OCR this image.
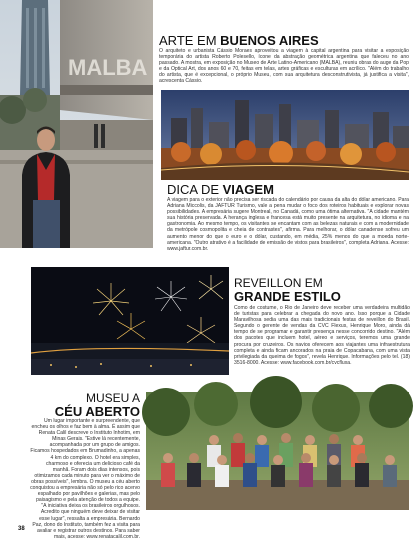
MALBA
ARTE EM BUENOS AIRES
O arquiteto e urbanista Cássio Moraes aproveitou a viagem à capital argentina para visitar a exposição temporária do artista Roberto Polesello, ícone da abstração geométrica argentina que faleceu no ano passado. A mostra, em exposição no Museo de Arte Latino-Americano (MALBA), reuniu obras do auge da Pop e da Optical Art, dos anos 60 e 70, feitas em telas, artes gráficas e esculturas em acrílico. "Além do trabalho do artista, que é excepcional, o próprio Museu, com sua arquitetura desconstrutivista, já justifica a visita", acrescenta Cássio.
DICA DE VIAGEM
A viagem para o exterior não precisa ser riscada do calendário por causa da alta do dólar americano. Para Adriana Miccolis, da JAFTUR Turismo, vale a pena mudar o foco dos roteiros habituais e explorar novas possibilidades. A empresária sugere Montreal, no Canadá, como uma ótima alternativa. "A cidade mantém sua história preservada. A herança inglesa e francesa está muito presente na arquitetura, no idioma e na gastronomia. Ao mesmo tempo, os visitantes se encantam com as belezas naturais e com a modernidade da metrópole cosmopolita e cheia de contrastes", afirma. Para melhorar, o dólar canadense sofreu um aumento menor do que o euro e o dólar, custando, em média, 25% menos do que a moeda norte-americana. "Outro atrativo é a facilidade de emissão de vistos para brasileiros", completa Adriana. Acesse: www.jaftur.com.br.
REVEILLON EM
GRANDE ESTILO
Como de costume, o Rio de Janeiro deve receber uma verdadeira multidão de turistas para celebrar a chegada do novo ano. Isso porque a Cidade Maravilhosa sedia uma das mais tradicionais festas de reveillon do Brasil. Segundo o gerente de vendas da CVC Flexus, Henrique Moro, ainda dá tempo de se programar e garantir presença nesse concorrido destino. "Além dos pacotes que incluem hotel, aéreo e serviços, teremos uma grande procura por cruzeiros. Os navios oferecem aos viajantes uma infraestrutura completa e ainda ficam ancorados na praia de Copacabana, com uma vista privilegiada da queima de fogos", revela Henrique. Informações pelo tel. (18) 3516-8000. Acesse: www.facebook.com.br/cvcfluxa.
MUSEU A
CÉU ABERTO
Um lugar importante e surpreendente, que encheu os olhos e faz bem à alma. É assim que Renata Calil descreve o Instituto Inhotim, em Minas Gerais. "Estive lá recentemente, acompanhada por um grupo de amigos. Ficamos hospedados em Brumadinho, a apenas 4 km do complexo. O hotel era simples, charmoso e oferecia um delicioso café da manhã. Foram dois dias intensos, pois otimizamos cada minuto para ver o máximo de obras possíveis", lembra. O museu a céu aberto conquistou a empresária não só pelo rico acervo espalhado por pavilhões e galerias, mas pelo paisagismo e pela atenção de todos a equipe. "A iniciativa deixa os brasileiros orgulhosos. Acredito que ninguém deve deixar de visitar esse lugar", ressalta a empresária. Bernardo Paz, dono do Instituto, também fez a visita para avaliar e registrar outros destinos. Para saber mais, acesse: www.renatacalil.com.br.
38
